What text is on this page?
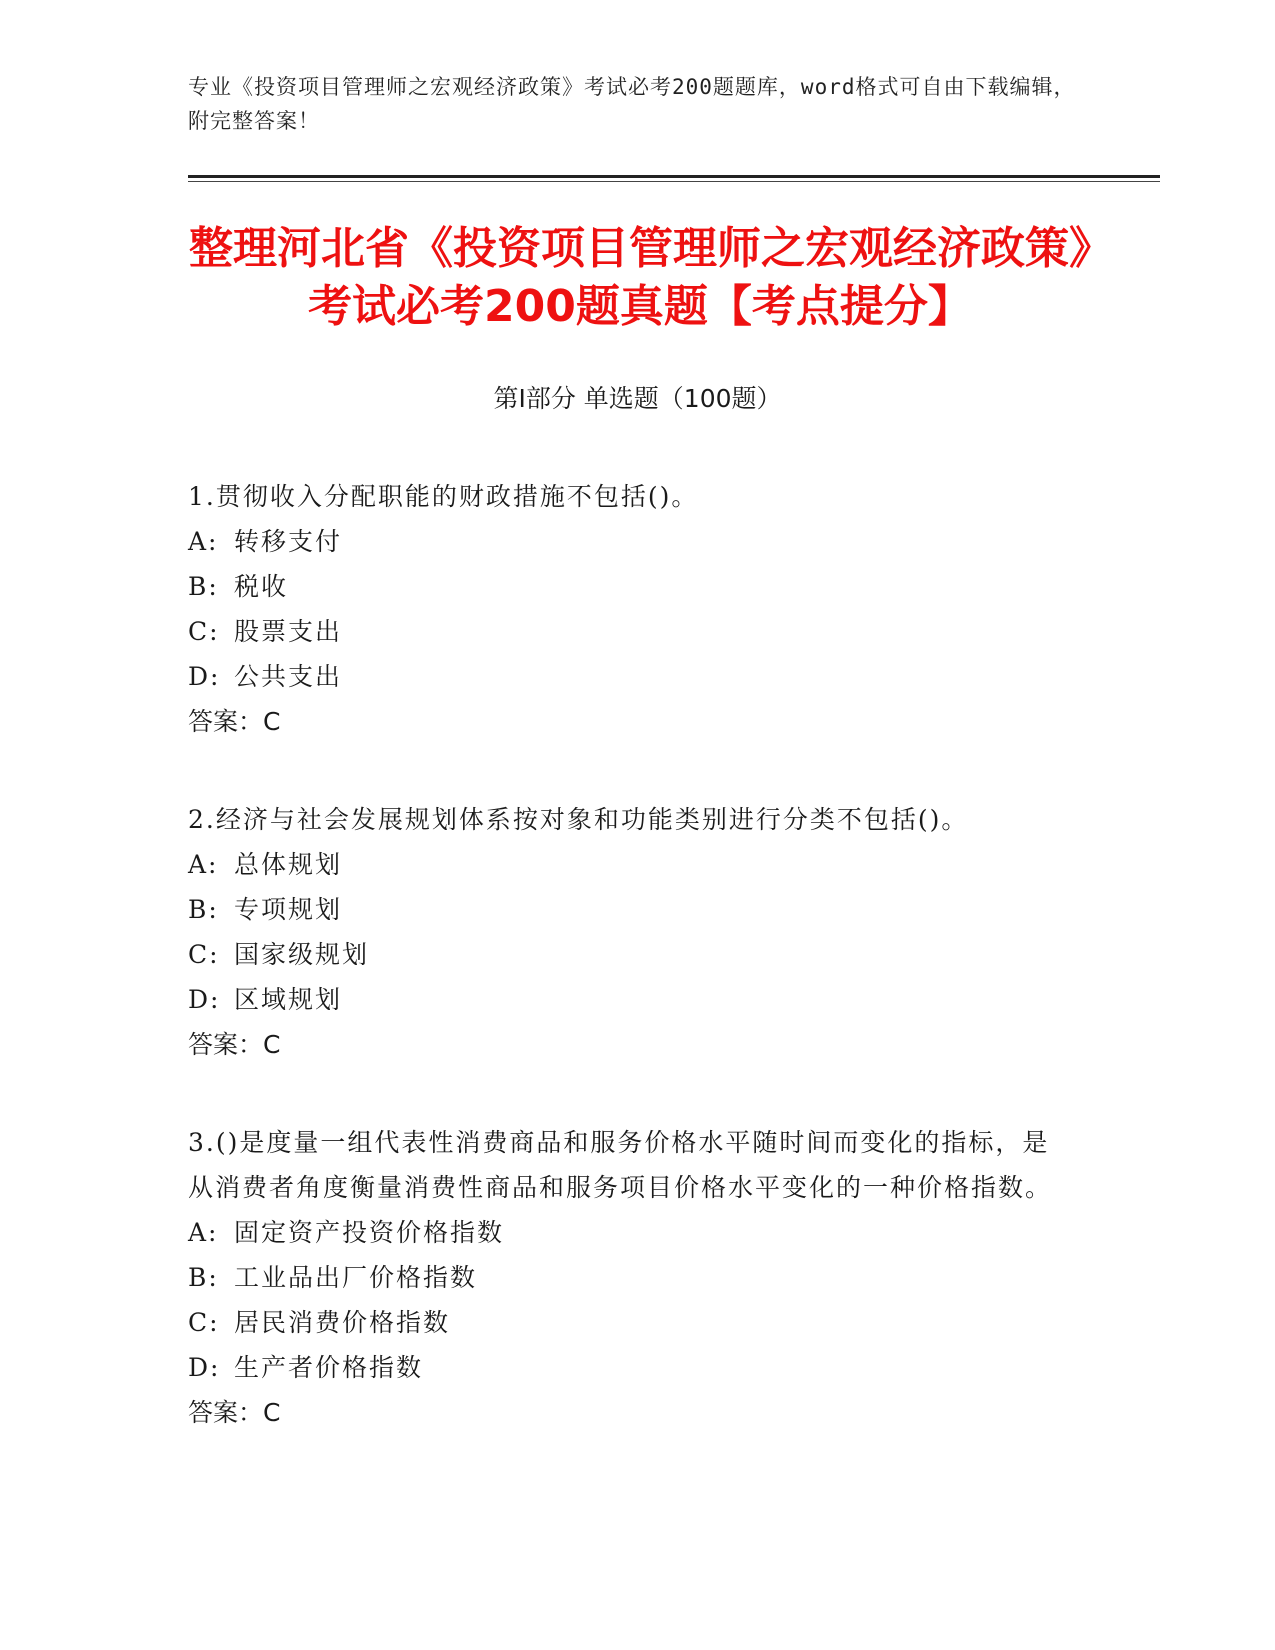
专业《投资项目管理师之宏观经济政策》考试必考200题题库，word格式可自由下载编辑，附完整答案！
整理河北省《投资项目管理师之宏观经济政策》考试必考200题真题【考点提分】
第Ⅰ部分 单选题（100题）
1.贯彻收入分配职能的财政措施不包括()。
A: 转移支付
B: 税收
C: 股票支出
D: 公共支出
答案：C
2.经济与社会发展规划体系按对象和功能类别进行分类不包括()。
A: 总体规划
B: 专项规划
C: 国家级规划
D: 区域规划
答案：C
3.()是度量一组代表性消费商品和服务价格水平随时间而变化的指标，是从消费者角度衡量消费性商品和服务项目价格水平变化的一种价格指数。
A: 固定资产投资价格指数
B: 工业品出厂价格指数
C: 居民消费价格指数
D: 生产者价格指数
答案：C
